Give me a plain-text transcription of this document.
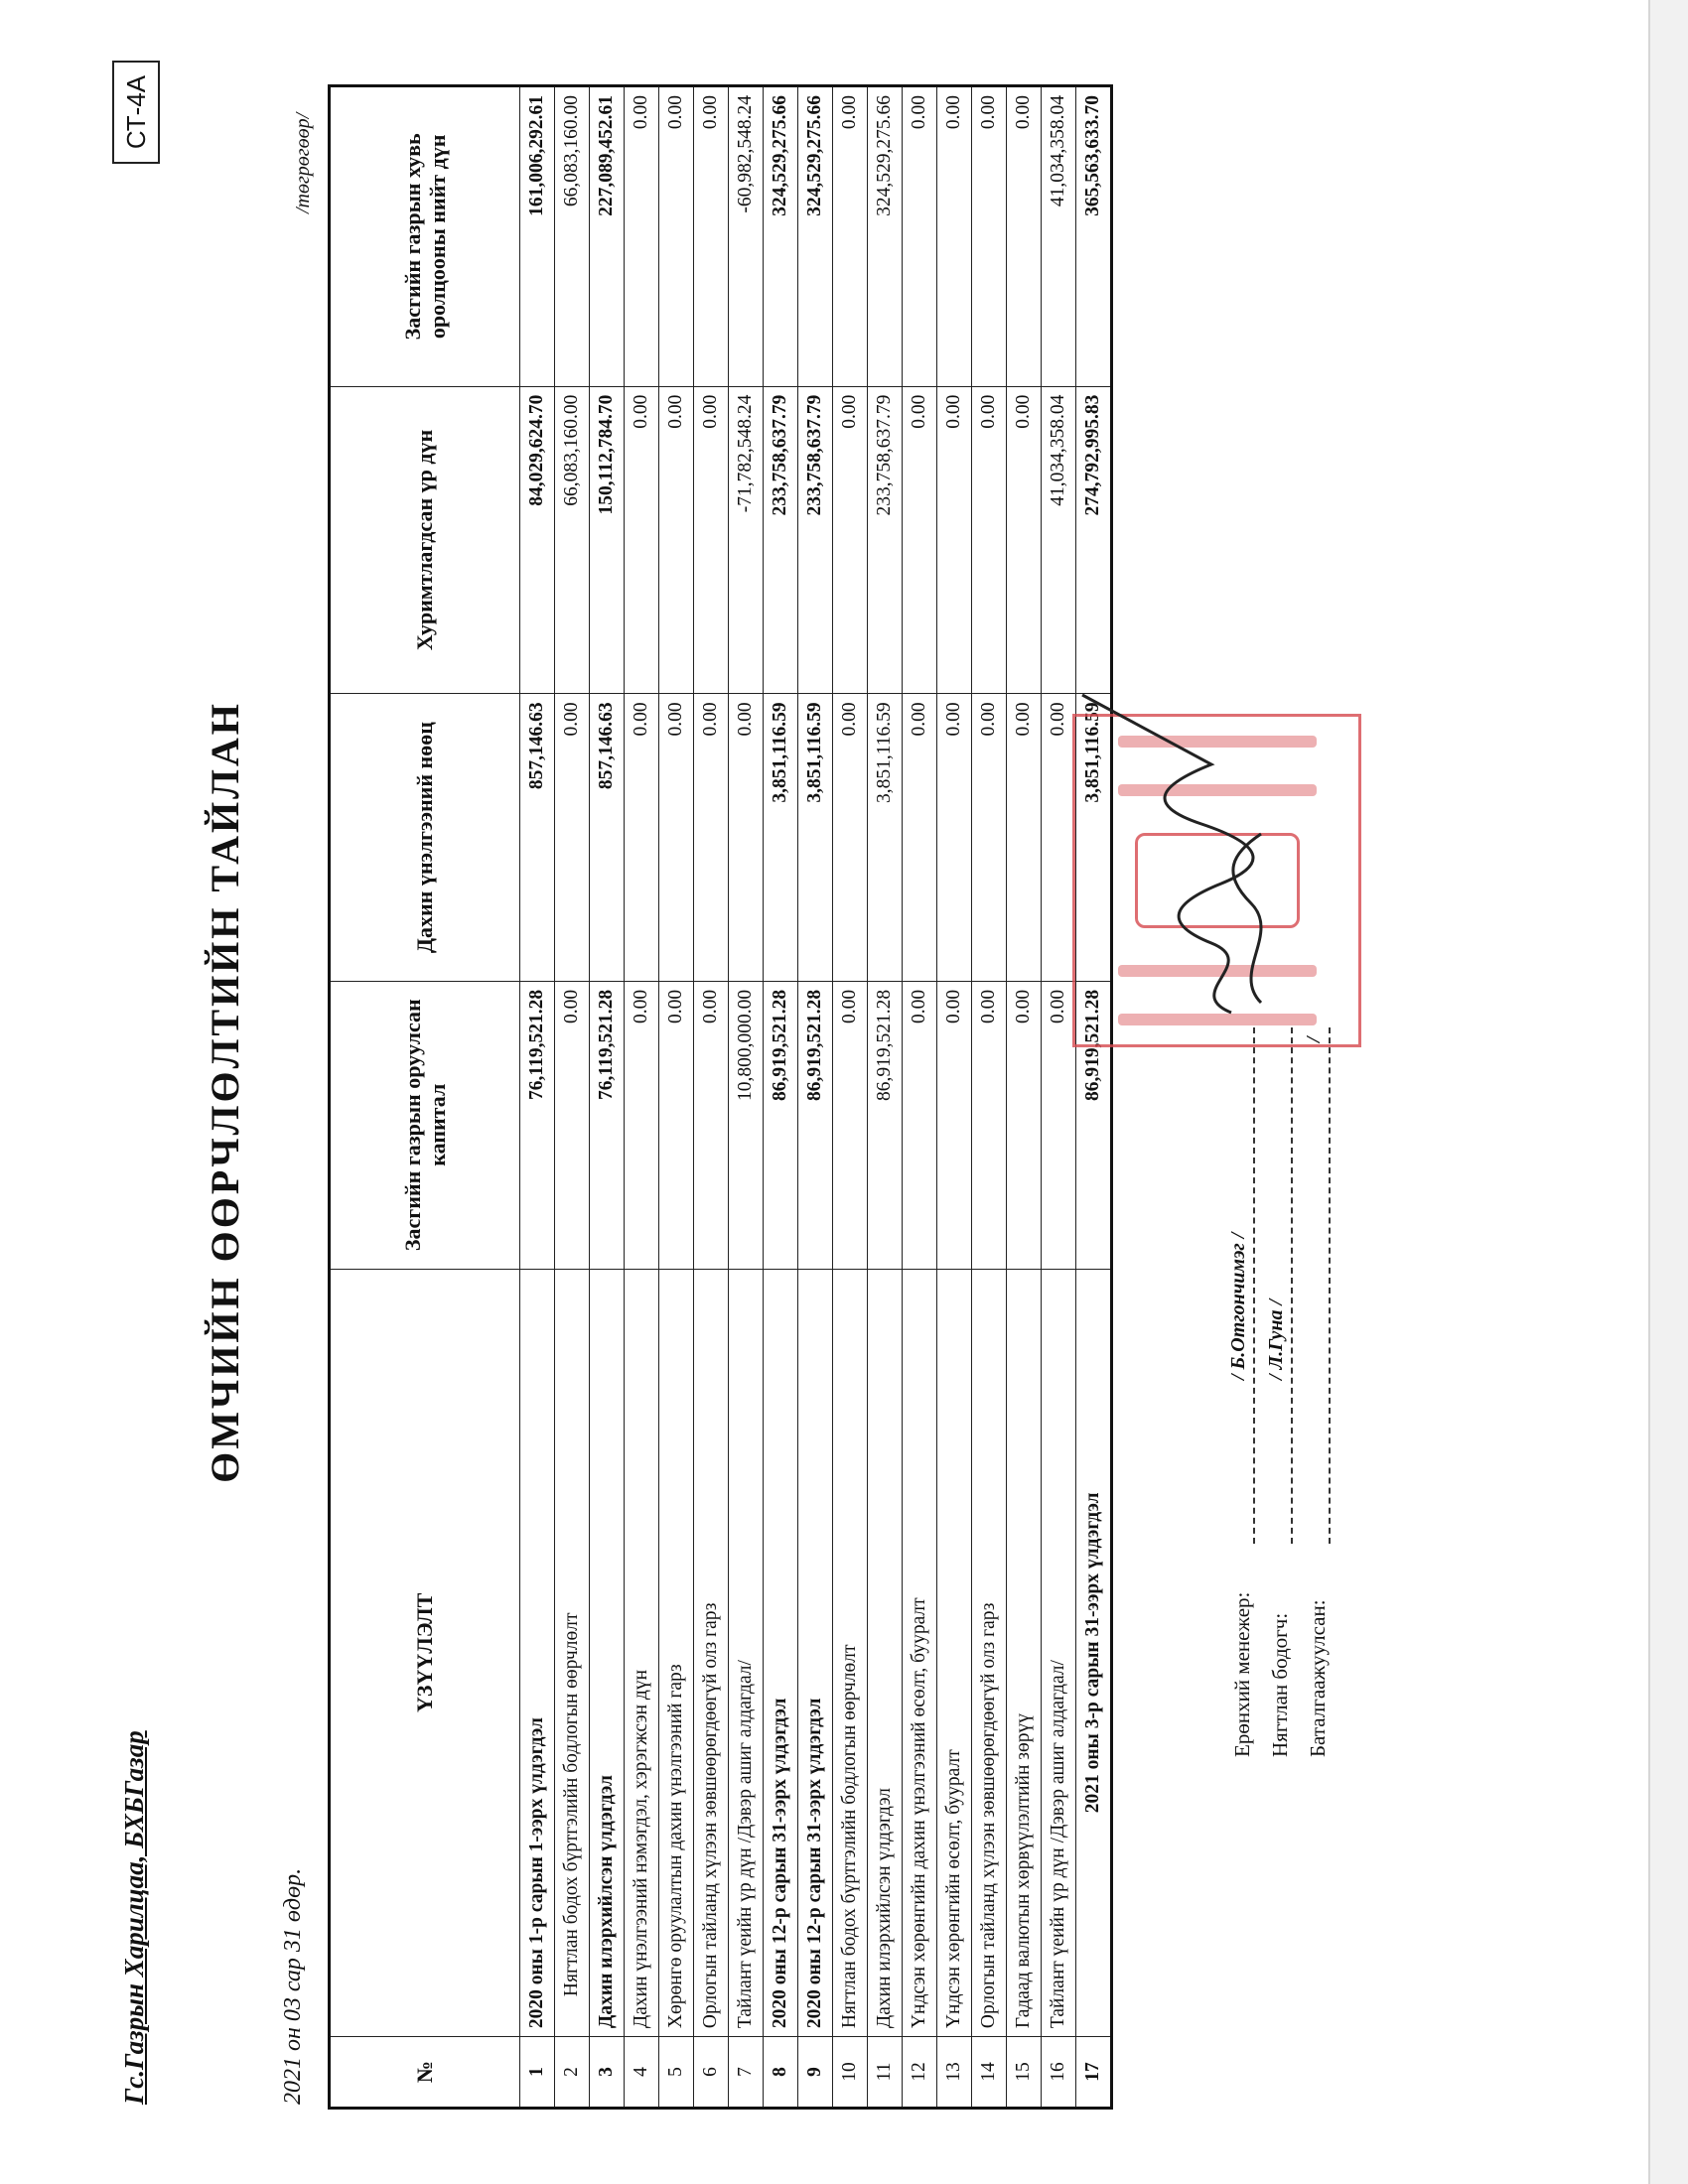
Гс.Газрын Харилцаа, БХБГазар
СТ-4А
ӨМЧИЙН ӨӨРЧЛӨЛТИЙН ТАЙЛАН
2021 он 03 сар 31 өдөр.
/төгрөгөөр/
№	ҮЗҮҮЛЭЛТ	Засгийн газрын оруулсан капитал	Дахин үнэлгээний нөөц	Хуримтлагдсан үр дүн	Засгийн газрын хувь оролцооны нийт дүн
1	2020 оны 1-р сарын 1-ээрх үлдэгдэл	76,119,521.28	857,146.63	84,029,624.70	161,006,292.61
2	Нягтлан бодох бүртгэлийн бодлогын өөрчлөлт	0.00	0.00	66,083,160.00	66,083,160.00
3	Дахин илэрхийлсэн үлдэгдэл	76,119,521.28	857,146.63	150,112,784.70	227,089,452.61
4	Дахин үнэлгээний нэмэгдэл, хэрэгжсэн дүн	0.00	0.00	0.00	0.00
5	Хөрөнгө оруулалтын дахин үнэлгээний гарз	0.00	0.00	0.00	0.00
6	Орлогын тайланд хүлээн зөвшөөрөгдөөгүй олз гарз	0.00	0.00	0.00	0.00
7	Тайлант үеийн үр дүн /Дэвэр ашиг алдагдал/	10,800,000.00	0.00	-71,782,548.24	-60,982,548.24
8	2020 оны 12-р сарын 31-ээрх үлдэгдэл	86,919,521.28	3,851,116.59	233,758,637.79	324,529,275.66
9	2020 оны 12-р сарын 31-ээрх үлдэгдэл	86,919,521.28	3,851,116.59	233,758,637.79	324,529,275.66
10	Нягтлан бодох бүртгэлийн бодлогын өөрчлөлт	0.00	0.00	0.00	0.00
11	Дахин илэрхийлсэн үлдэгдэл	86,919,521.28	3,851,116.59	233,758,637.79	324,529,275.66
12	Үндсэн хөрөнгийн дахин үнэлгээний өсөлт, бууралт	0.00	0.00	0.00	0.00
13	Үндсэн хөрөнгийн өсөлт, бууралт	0.00	0.00	0.00	0.00
14	Орлогын тайланд хүлээн зөвшөөрөгдөөгүй олз гарз	0.00	0.00	0.00	0.00
15	Гадаад валютын хөрвүүлэлтийн зөрүү	0.00	0.00	0.00	0.00
16	Тайлант үеийн үр дүн /Дэвэр ашиг алдагдал/	0.00	0.00	41,034,358.04	41,034,358.04
17	2021 оны 3-р сарын 31-ээрх үлдэгдэл	86,919,521.28	3,851,116.59	274,792,995.83	365,563,633.70
Ерөнхий менежер:
/ Б.Отгончимэг /
Нягтлан бодогч:
/ Л.Гуна /
Баталгаажуулсан:
/
